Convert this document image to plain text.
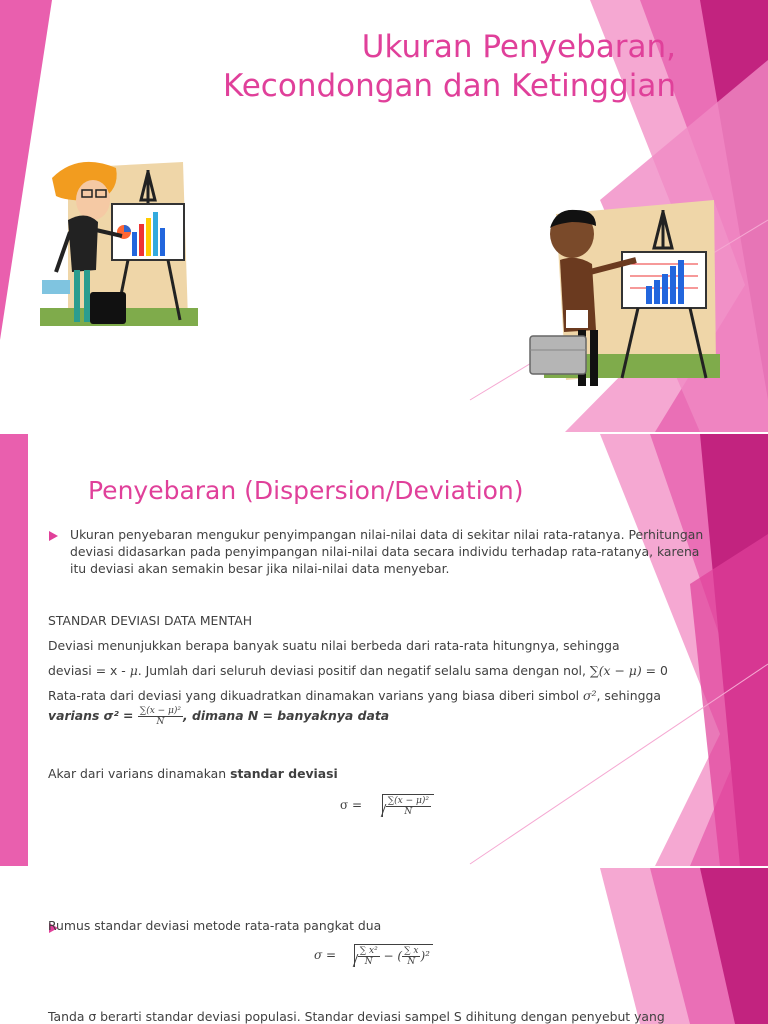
Ukuran Penyebaran,
Kecondongan dan Ketinggian
Penyebaran (Dispersion/Deviation)
Ukuran penyebaran mengukur penyimpangan nilai-nilai data di sekitar nilai rata-ratanya. Perhitungan deviasi didasarkan pada penyimpangan nilai-nilai data secara individu terhadap rata-ratanya, karena itu deviasi akan semakin besar jika nilai-nilai data menyebar.
STANDAR DEVIASI DATA MENTAH
Deviasi menunjukkan berapa banyak suatu nilai berbeda dari rata-rata hitungnya, sehingga
deviasi = x - μ. Jumlah dari seluruh deviasi positif dan negatif selalu sama dengan nol, ∑(x − μ) = 0
Rata-rata dari deviasi yang dikuadratkan dinamakan varians yang biasa diberi simbol σ², sehingga
varians $\sigma^2 = \frac{\text{∑(x − μ)²}}{N}$ , dimana N = banyaknya data
Akar dari varians dinamakan standar deviasi
σ =	$\frac{\text{∑(x − μ)²}}{N}$
Rumus standar deviasi metode rata-rata pangkat dua
$\sigma = \frac{\text{∑ x²}}{N}$ − ( $\frac{\sum x}{N} )^2$
Tanda σ berarti standar deviasi populasi. Standar deviasi sampel S dihitung dengan penyebut yang
